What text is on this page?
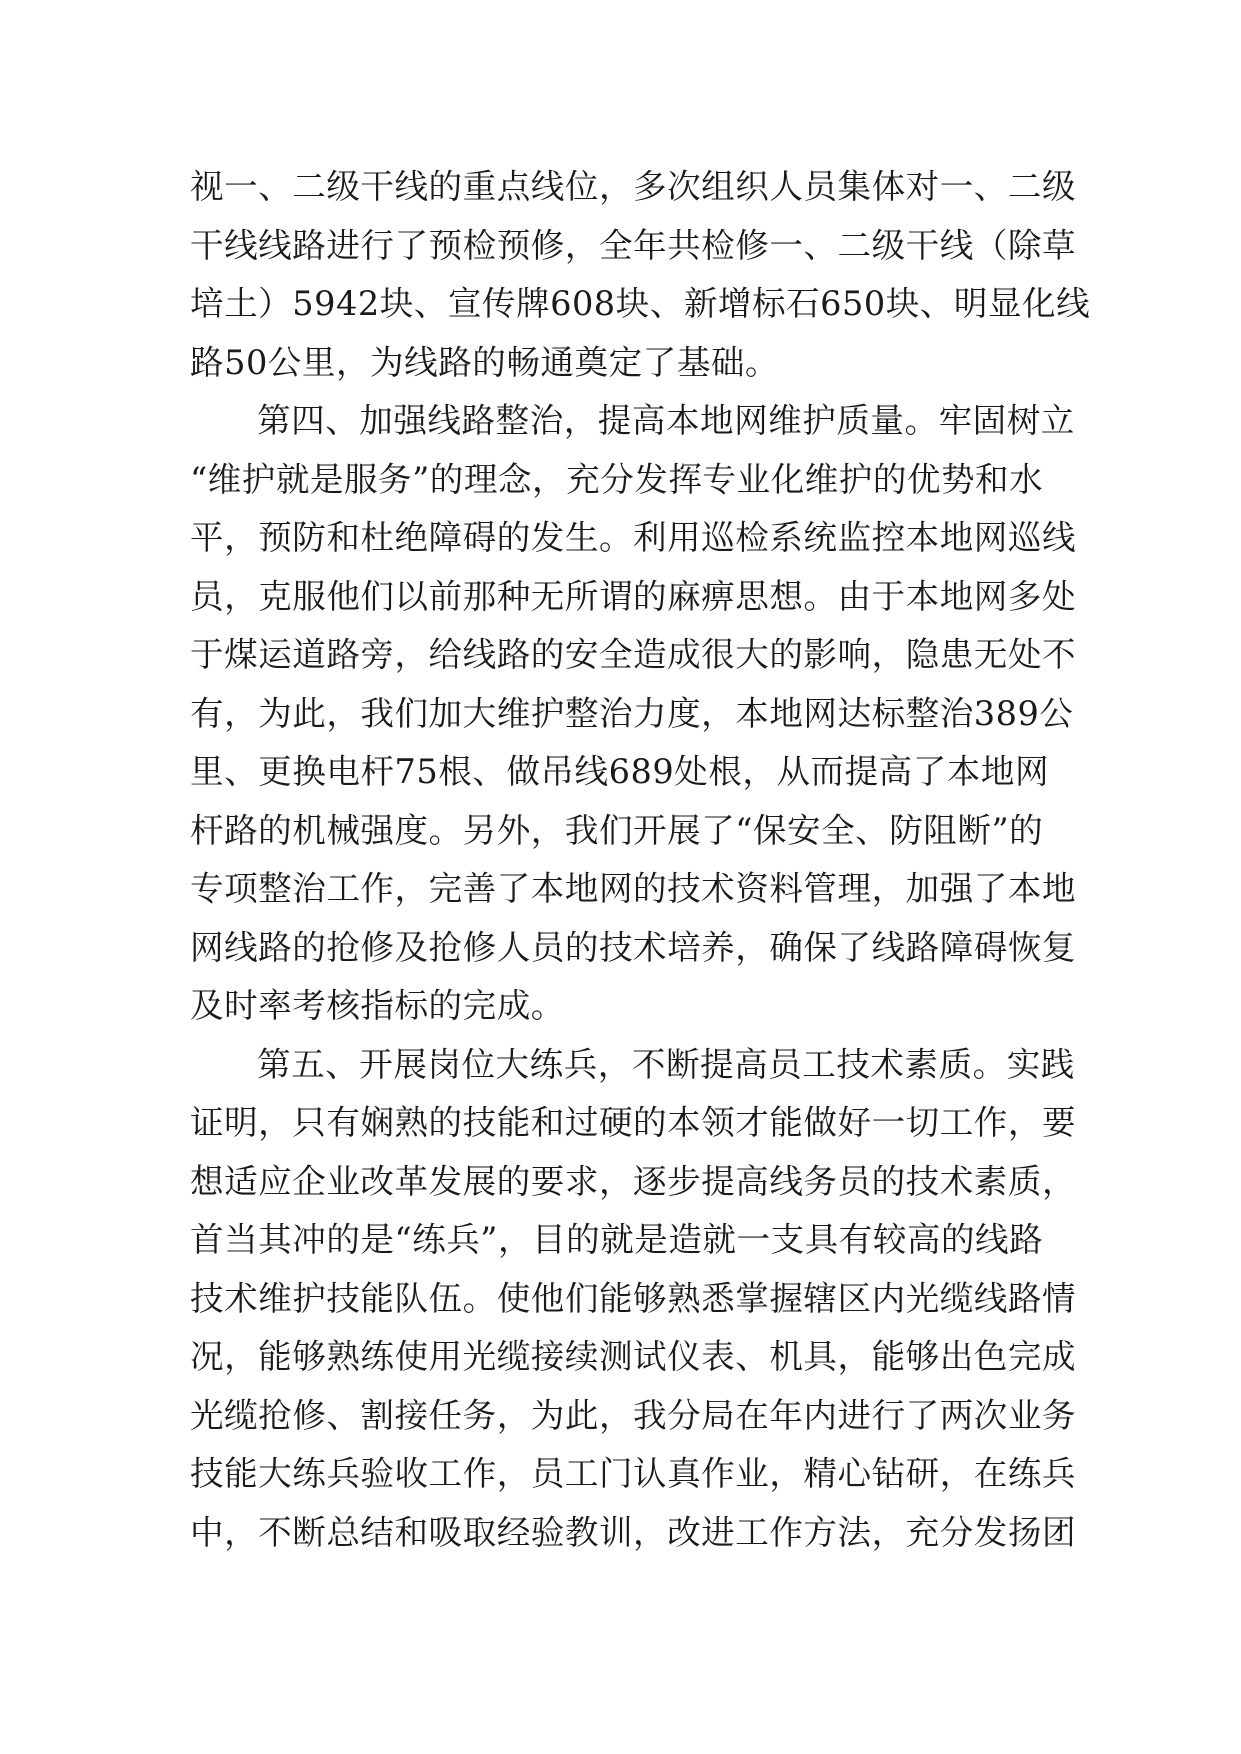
视一、二级干线的重点线位，多次组织人员集体对一、二级
干线线路进行了预检预修，全年共检修一、二级干线（除草
培土）5942块、宣传牌608块、新增标石650块、明显化线
路50公里，为线路的畅通奠定了基础。
第四、加强线路整治，提高本地网维护质量。牢固树立
“维护就是服务”的理念，充分发挥专业化维护的优势和水
平，预防和杜绝障碍的发生。利用巡检系统监控本地网巡线
员，克服他们以前那种无所谓的麻痹思想。由于本地网多处
于煤运道路旁，给线路的安全造成很大的影响，隐患无处不
有，为此，我们加大维护整治力度，本地网达标整治389公
里、更换电杆75根、做吊线689处根，从而提高了本地网
杆路的机械强度。另外，我们开展了“保安全、防阻断”的
专项整治工作，完善了本地网的技术资料管理，加强了本地
网线路的抢修及抢修人员的技术培养，确保了线路障碍恢复
及时率考核指标的完成。
第五、开展岗位大练兵，不断提高员工技术素质。实践
证明，只有娴熟的技能和过硬的本领才能做好一切工作，要
想适应企业改革发展的要求，逐步提高线务员的技术素质，
首当其冲的是“练兵”，目的就是造就一支具有较高的线路
技术维护技能队伍。使他们能够熟悉掌握辖区内光缆线路情
况，能够熟练使用光缆接续测试仪表、机具，能够出色完成
光缆抢修、割接任务，为此，我分局在年内进行了两次业务
技能大练兵验收工作，员工门认真作业，精心钻研，在练兵
中，不断总结和吸取经验教训，改进工作方法，充分发扬团
